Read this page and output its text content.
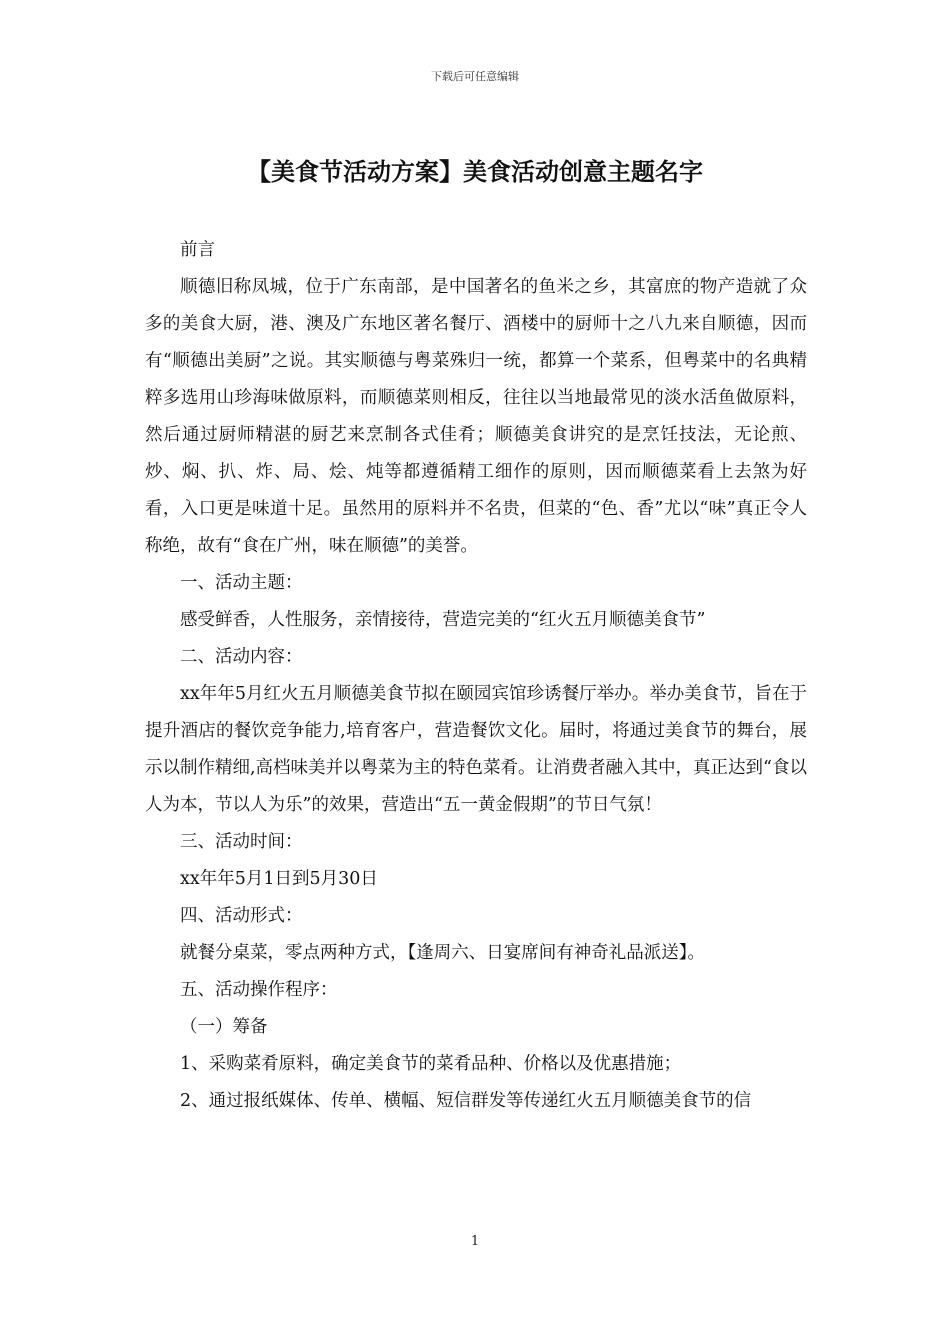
下载后可任意编辑
【美食节活动方案】美食活动创意主题名字

前言

顺德旧称凤城，位于广东南部，是中国著名的鱼米之乡，其富庶的物产造就了众多的美食大厨，港、澳及广东地区著名餐厅、酒楼中的厨师十之八九来自顺德，因而有“顺德出美厨”之说。其实顺德与粤菜殊归一统，都算一个菜系，但粤菜中的名典精粹多选用山珍海味做原料，而顺德菜则相反，往往以当地最常见的淡水活鱼做原料，然后通过厨师精湛的厨艺来烹制各式佳肴；顺德美食讲究的是烹饪技法，无论煎、炒、焖、扒、炸、局、烩、炖等都遵循精工细作的原则，因而顺德菜看上去煞为好看，入口更是味道十足。虽然用的原料并不名贵，但菜的“色、香”尤以“味”真正令人称绝，故有“食在广州，味在顺德”的美誉。

一、活动主题：

感受鲜香，人性服务，亲情接待，营造完美的“红火五月顺德美食节”

二、活动内容：

xx年年5月红火五月顺德美食节拟在颐园宾馆珍诱餐厅举办。举办美食节，旨在于提升酒店的餐饮竞争能力,培育客户，营造餐饮文化。届时，将通过美食节的舞台，展示以制作精细,高档味美并以粤菜为主的特色菜肴。让消费者融入其中，真正达到“食以人为本，节以人为乐”的效果，营造出“五一黄金假期”的节日气氛！

三、活动时间：

xx年年5月1日到5月30日

四、活动形式：

就餐分桌菜，零点两种方式，【逢周六、日宴席间有神奇礼品派送】。

五、活动操作程序：

（一）筹备

1、采购菜肴原料，确定美食节的菜肴品种、价格以及优惠措施；

2、通过报纸媒体、传单、横幅、短信群发等传递红火五月顺德美食节的信

1
